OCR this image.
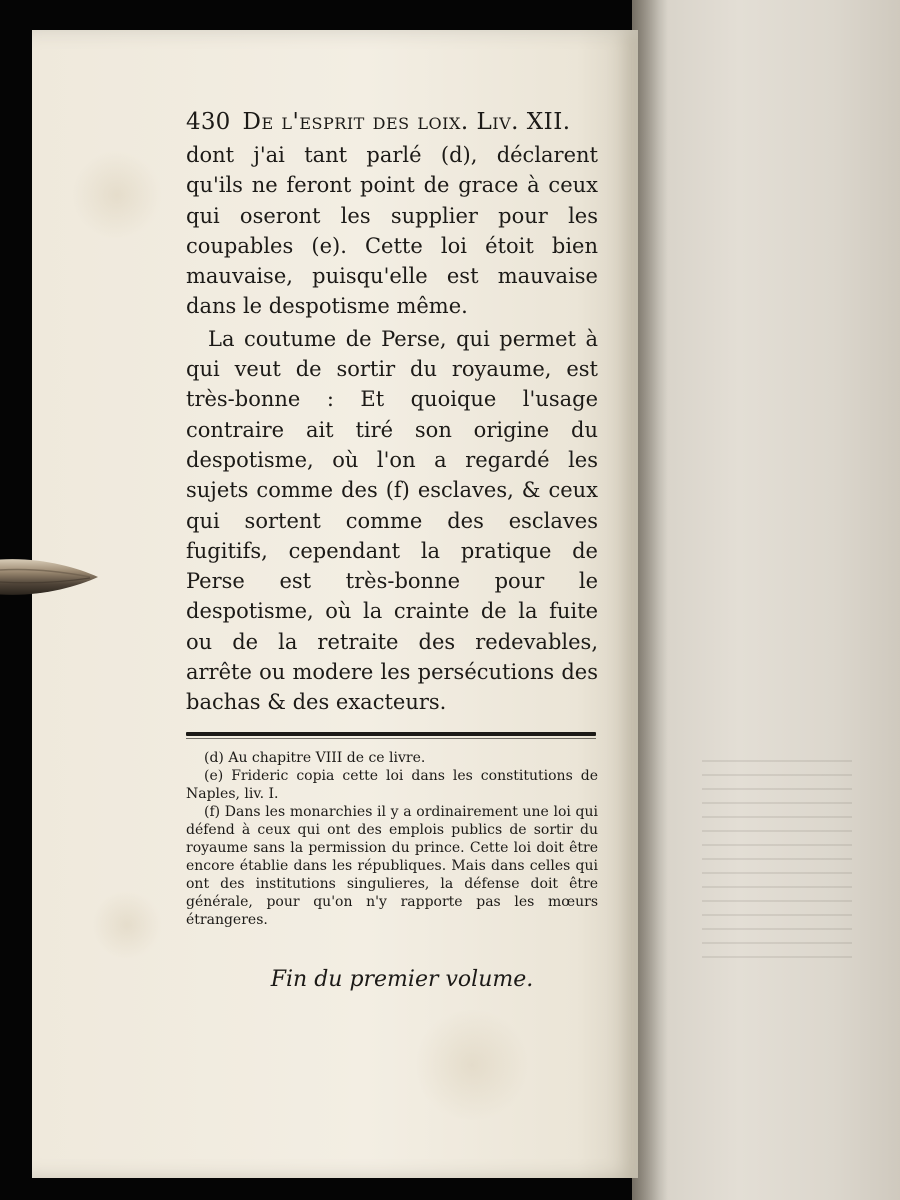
430 De l'esprit des loix. Liv. XII.

dont j'ai tant parlé (d), déclarent qu'ils ne feront point de grace à ceux qui oseront les supplier pour les coupables (e). Cette loi étoit bien mauvaise, puisqu'elle est mauvaise dans le despotisme même.

La coutume de Perse, qui permet à qui veut de sortir du royaume, est très-bonne : Et quoique l'usage contraire ait tiré son origine du despotisme, où l'on a regardé les sujets comme des (f) esclaves, & ceux qui sortent comme des esclaves fugitifs, cependant la pratique de Perse est très-bonne pour le despotisme, où la crainte de la fuite ou de la retraite des redevables, arrête ou modere les persécutions des bachas & des exacteurs.

(d) Au chapitre VIII de ce livre.

(e) Frideric copia cette loi dans les constitutions de Naples, liv. I.

(f) Dans les monarchies il y a ordinairement une loi qui défend à ceux qui ont des emplois publics de sortir du royaume sans la permission du prince. Cette loi doit être encore établie dans les républiques. Mais dans celles qui ont des institutions singulieres, la défense doit être générale, pour qu'on n'y rapporte pas les mœurs étrangeres.

Fin du premier volume.
